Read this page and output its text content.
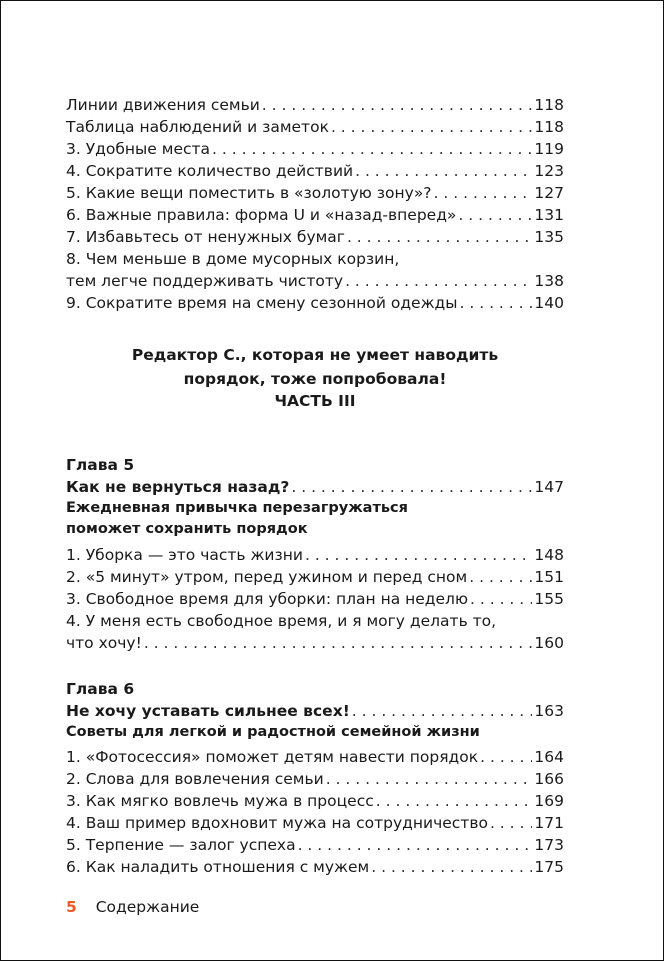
Линии движения семьи . . .	118
Таблица наблюдений и заметок . . .	118
3. Удобные места . . .	119
4. Сократите количество действий . . .	123
5. Какие вещи поместить в «золотую зону»? . . .	127
6. Важные правила: форма U и «назад-вперед» . . .	131
7. Избавьтесь от ненужных бумаг . . .	135
8. Чем меньше в доме мусорных корзин,
тем легче поддерживать чистоту . . .	138
9. Сократите время на смену сезонной одежды . . .	140
Редактор С., которая не умеет наводить
порядок, тоже попробовала!
ЧАСТЬ III
Глава 5
Как не вернуться назад? . . .	147
Ежедневная привычка перезагружаться
поможет сохранить порядок
1. Уборка — это часть жизни . . .	148
2. «5 минут» утром, перед ужином и перед сном . . .	151
3. Свободное время для уборки: план на неделю . . .	155
4. У меня есть свободное время, и я могу делать то,
что хочу! . . .	160
Глава 6
Не хочу уставать сильнее всех! . . .	163
Советы для легкой и радостной семейной жизни
1. «Фотосессия» поможет детям навести порядок . . .	164
2. Слова для вовлечения семьи . . .	166
3. Как мягко вовлечь мужа в процесс . . .	169
4. Ваш пример вдохновит мужа на сотрудничество . . .	171
5. Терпение — залог успеха . . .	173
6. Как наладить отношения с мужем . . .	175
5 Содержание
